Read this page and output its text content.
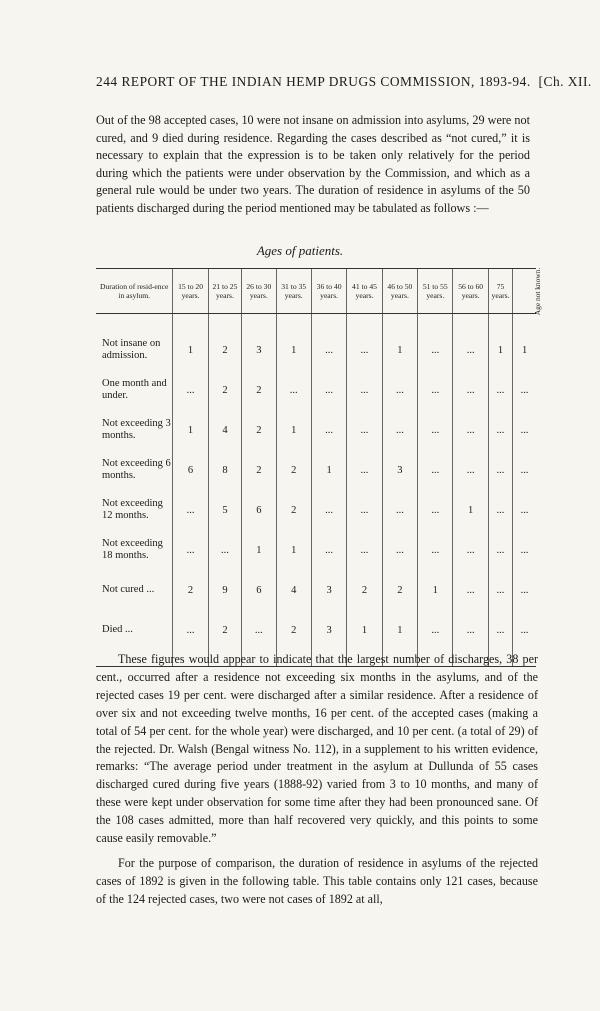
244 REPORT OF THE INDIAN HEMP DRUGS COMMISSION, 1893-94. [Ch. XII.
Out of the 98 accepted cases, 10 were not insane on admission into asylums, 29 were not cured, and 9 died during residence. Regarding the cases described as “not cured,” it is necessary to explain that the expression is to be taken only relatively for the period during which the patients were under observation by the Commission, and which as a general rule would be under two years. The duration of residence in asylums of the 50 patients discharged during the period mentioned may be tabulated as follows :—
Ages of patients.
Duration of resid-ence in asylum.	15 to 20 years.	21 to 25 years.	26 to 30 years.	31 to 35 years.	36 to 40 years.	41 to 45 years.	46 to 50 years.	51 to 55 years.	56 to 60 years.	75 years.	Age not known.

Not insane on admission.	1	2	3	1	...	...	1	...	...	1	1
One month and under.	...	2	2	...	...	...	...	...	...	...	...
Not exceeding 3 months.	1	4	2	1	...	...	...	...	...	...	...
Not exceeding 6 months.	6	8	2	2	1	...	3	...	...	...	...
Not exceeding 12 months.	...	5	6	2	...	...	...	...	1	...	...
Not exceeding 18 months.	...	...	1	1	...	...	...	...	...	...	...
Not cured ...	2	9	6	4	3	2	2	1	...	...	...
Died ...	...	2	...	2	3	1	1	...	...	...	...

These figures would appear to indicate that the largest number of discharges, 38 per cent., occurred after a residence not exceeding six months in the asylums, and of the rejected cases 19 per cent. were discharged after a similar residence. After a residence of over six and not exceeding twelve months, 16 per cent. of the accepted cases (making a total of 54 per cent. for the whole year) were discharged, and 10 per cent. (a total of 29) of the rejected. Dr. Walsh (Bengal witness No. 112), in a supplement to his written evidence, remarks: “The average period under treatment in the asylum at Dullunda of 55 cases discharged cured during five years (1888-92) varied from 3 to 10 months, and many of these were kept under observation for some time after they had been pronounced sane. Of the 108 cases admitted, more than half recovered very quickly, and this points to some cause easily removable.”
For the purpose of comparison, the duration of residence in asylums of the rejected cases of 1892 is given in the following table. This table contains only 121 cases, because of the 124 rejected cases, two were not cases of 1892 at all,
